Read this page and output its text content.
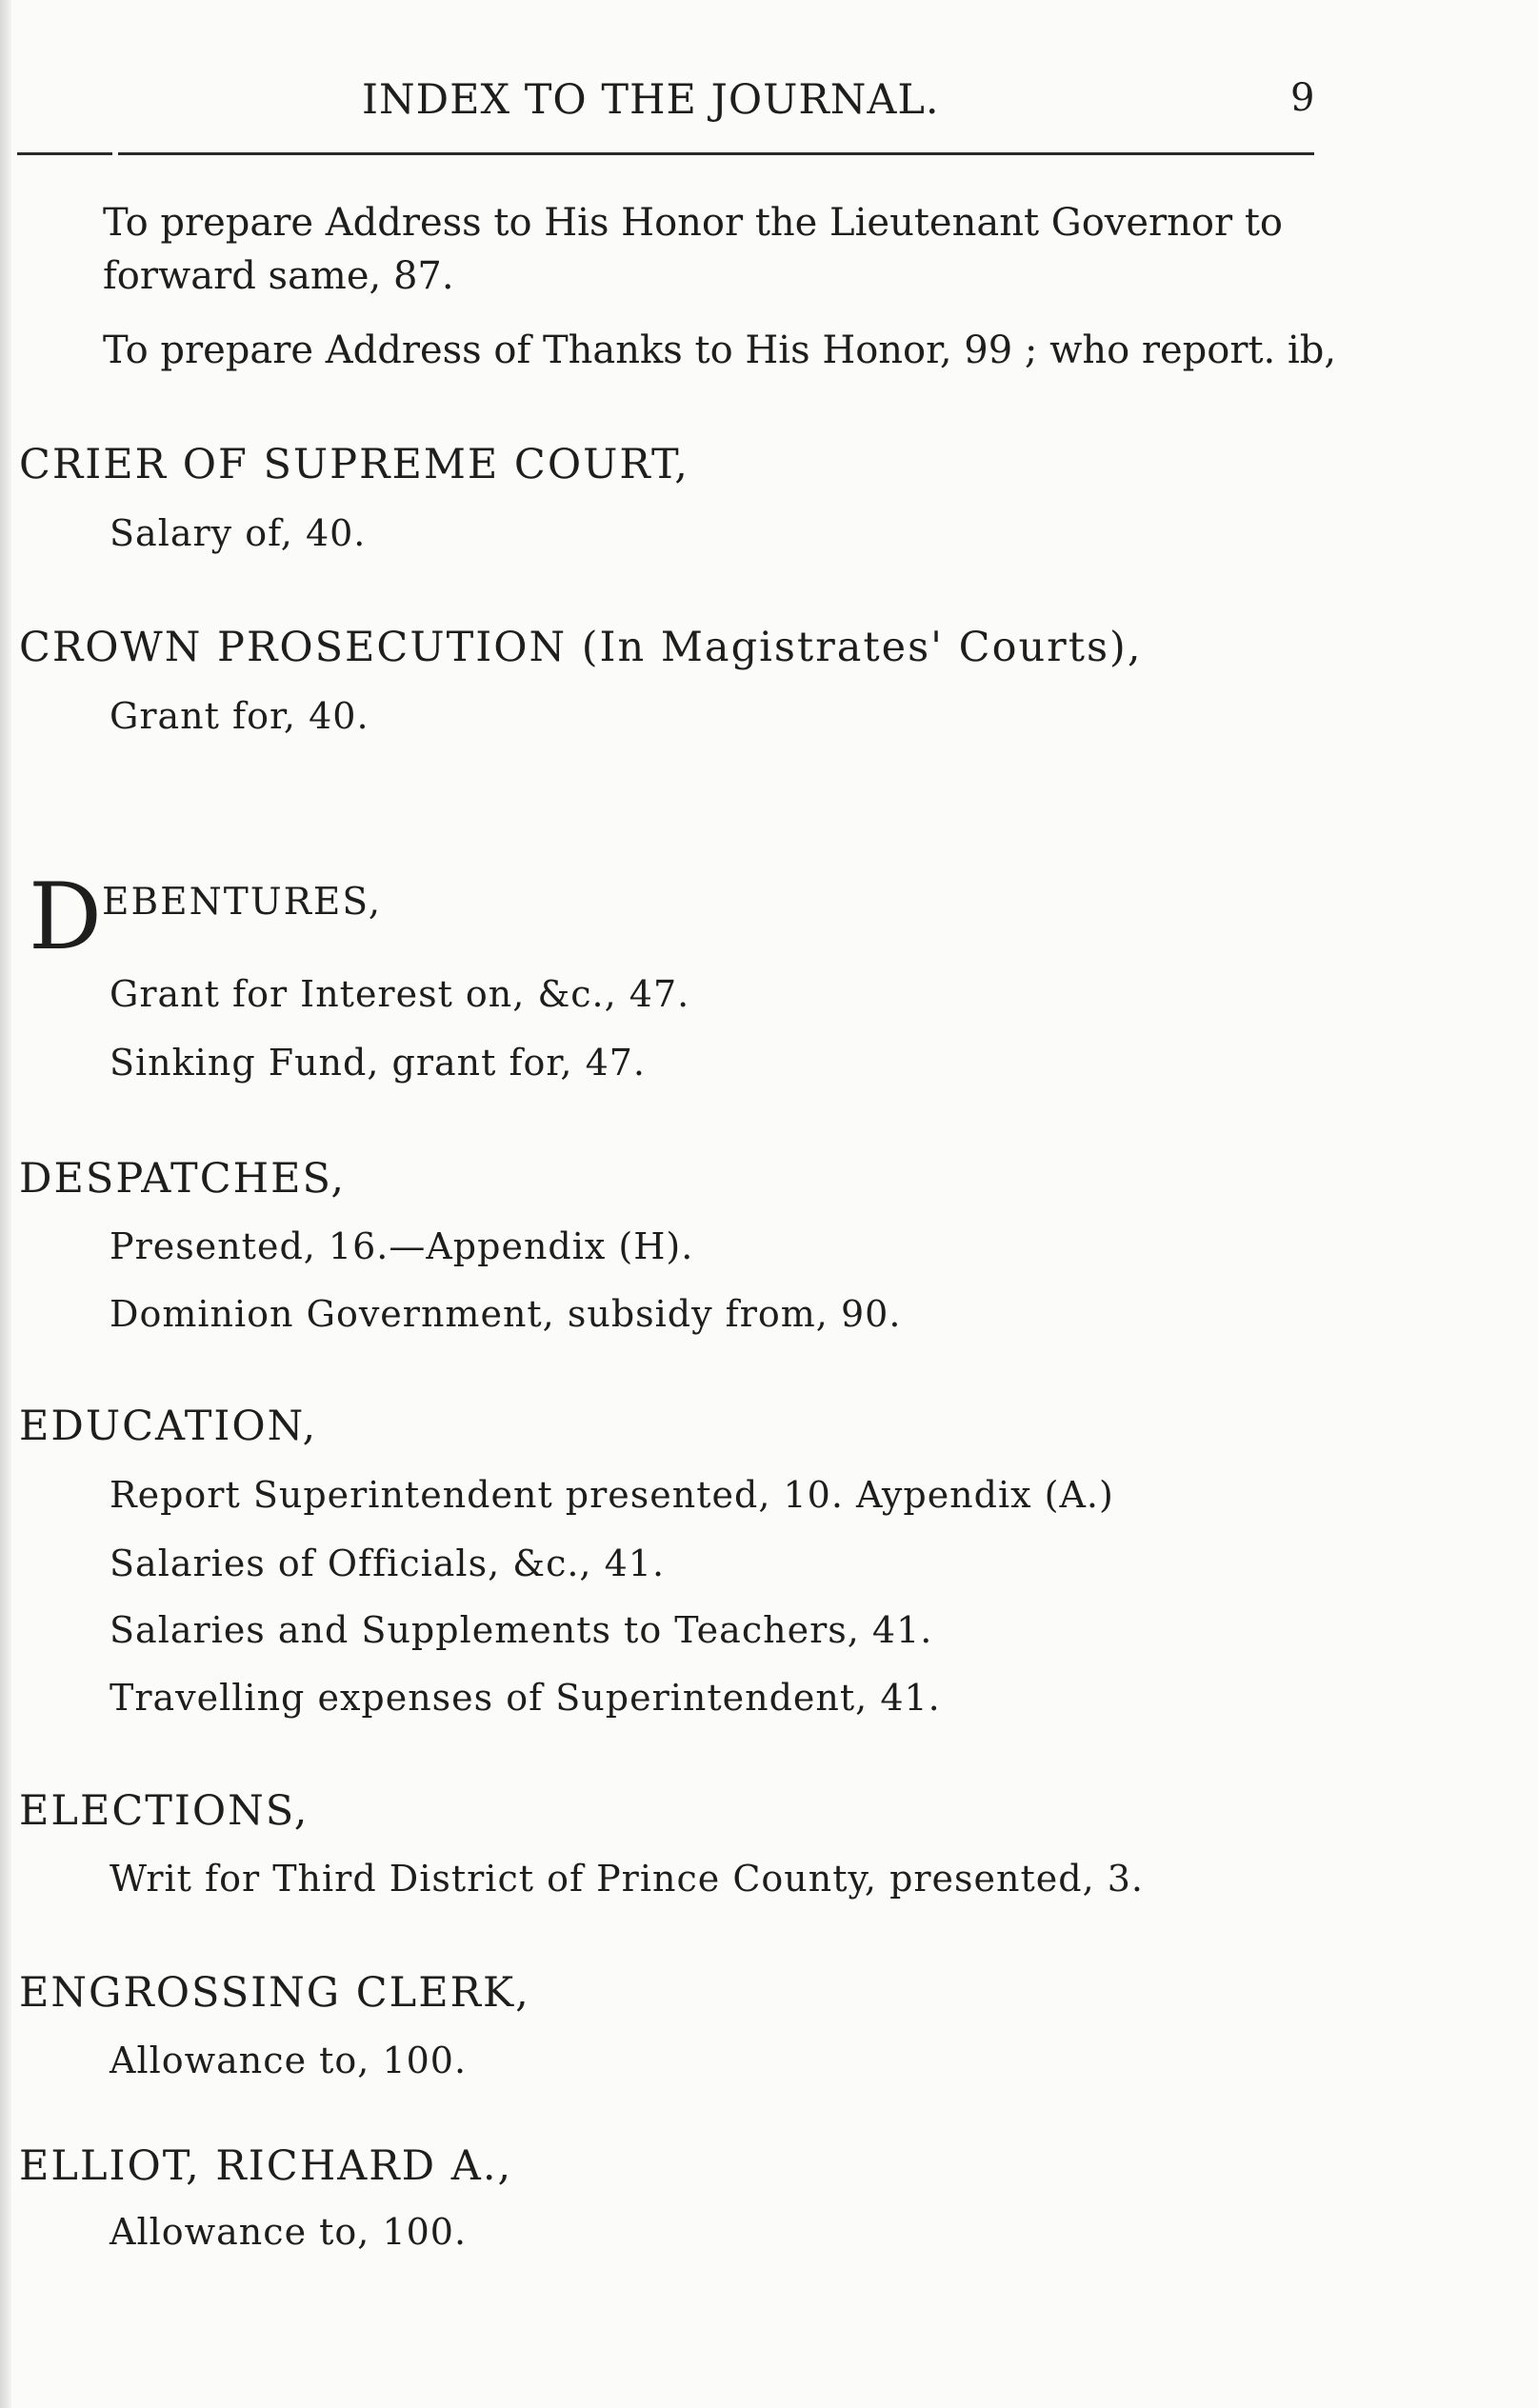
INDEX TO THE JOURNAL.	9
To prepare Address to His Honor the Lieutenant Governor to
forward same, 87.
To prepare Address of Thanks to His Honor, 99 ; who report. ib,
CRIER OF SUPREME COURT,
Salary of, 40.
CROWN PROSECUTION (In Magistrates' Courts),
Grant for, 40.
DEBENTURES,
Grant for Interest on, &c., 47.
Sinking Fund, grant for, 47.
DESPATCHES,
Presented, 16.—Appendix (H).
Dominion Government, subsidy from, 90.
EDUCATION,
Report Superintendent presented, 10. Aypendix (A.)
Salaries of Officials, &c., 41.
Salaries and Supplements to Teachers, 41.
Travelling expenses of Superintendent, 41.
ELECTIONS,
Writ for Third District of Prince County, presented, 3.
ENGROSSING CLERK,
Allowance to, 100.
ELLIOT, RICHARD A.,
Allowance to, 100.
